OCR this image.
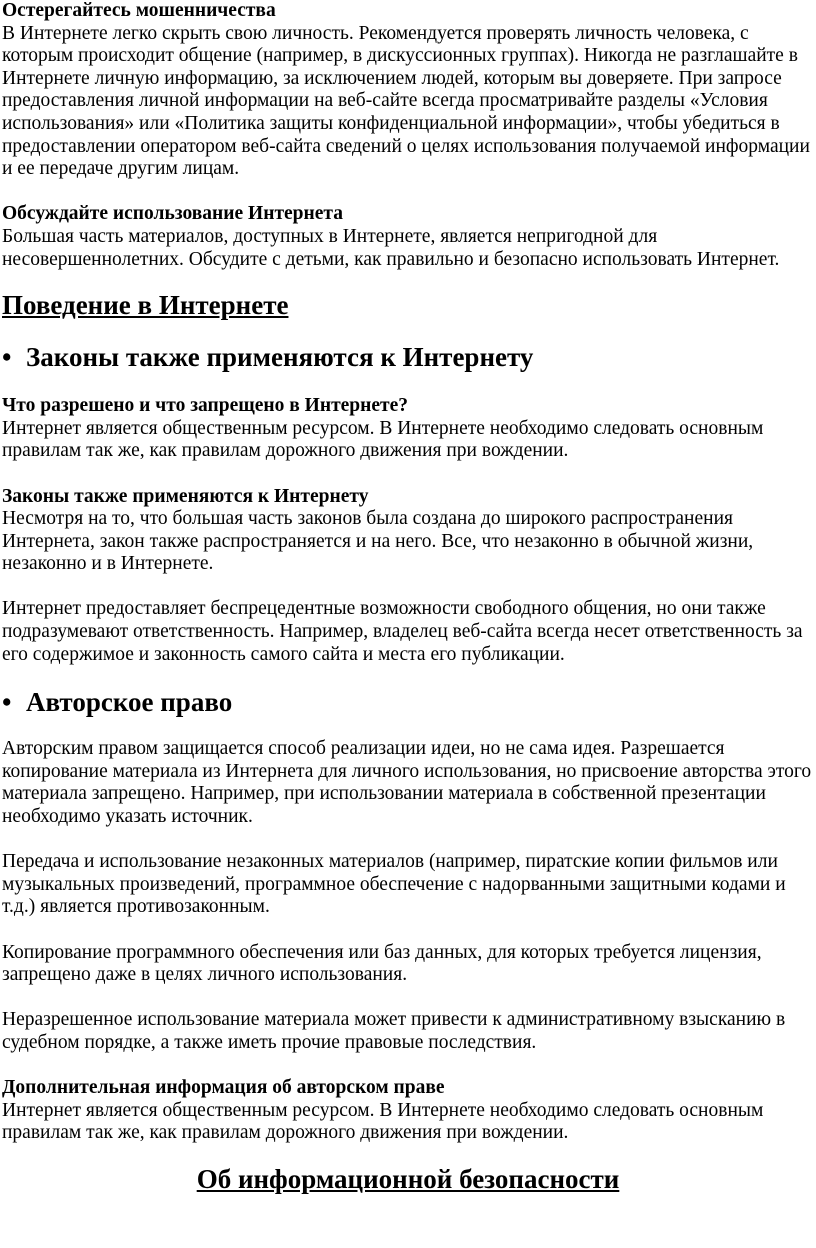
Остерегайтесь мошенничества

В Интернете легко скрыть свою личность. Рекомендуется проверять личность человека, с которым происходит общение (например, в дискуссионных группах). Никогда не разглашайте в Интернете личную информацию, за исключением людей, которым вы доверяете. При запросе предоставления личной информации на веб-сайте всегда просматривайте разделы «Условия использования» или «Политика защиты конфиденциальной информации», чтобы убедиться в предоставлении оператором веб-сайта сведений о целях использования получаемой информации и ее передаче другим лицам.

Обсуждайте использование Интернета

Большая часть материалов, доступных в Интернете, является непригодной для несовершеннолетних. Обсудите с детьми, как правильно и безопасно использовать Интернет.

Поведение в Интернете
• Законы также применяются к Интернету

Что разрешено и что запрещено в Интернете?

Интернет является общественным ресурсом. В Интернете необходимо следовать основным правилам так же, как правилам дорожного движения при вождении.

Законы также применяются к Интернету

Несмотря на то, что большая часть законов была создана до широкого распространения Интернета, закон также распространяется и на него. Все, что незаконно в обычной жизни, незаконно и в Интернете.

Интернет предоставляет беспрецедентные возможности свободного общения, но они также подразумевают ответственность. Например, владелец веб-сайта всегда несет ответственность за его содержимое и законность самого сайта и места его публикации.

• Авторское право

Авторским правом защищается способ реализации идеи, но не сама идея. Разрешается копирование материала из Интернета для личного использования, но присвоение авторства этого материала запрещено. Например, при использовании материала в собственной презентации необходимо указать источник.

Передача и использование незаконных материалов (например, пиратские копии фильмов или музыкальных произведений, программное обеспечение с надорванными защитными кодами и т.д.) является противозаконным.

Копирование программного обеспечения или баз данных, для которых требуется лицензия, запрещено даже в целях личного использования.

Неразрешенное использование материала может привести к административному взысканию в судебном порядке, а также иметь прочие правовые последствия.

Дополнительная информация об авторском праве

Интернет является общественным ресурсом. В Интернете необходимо следовать основным правилам так же, как правилам дорожного движения при вождении.

Об информационной безопасности
